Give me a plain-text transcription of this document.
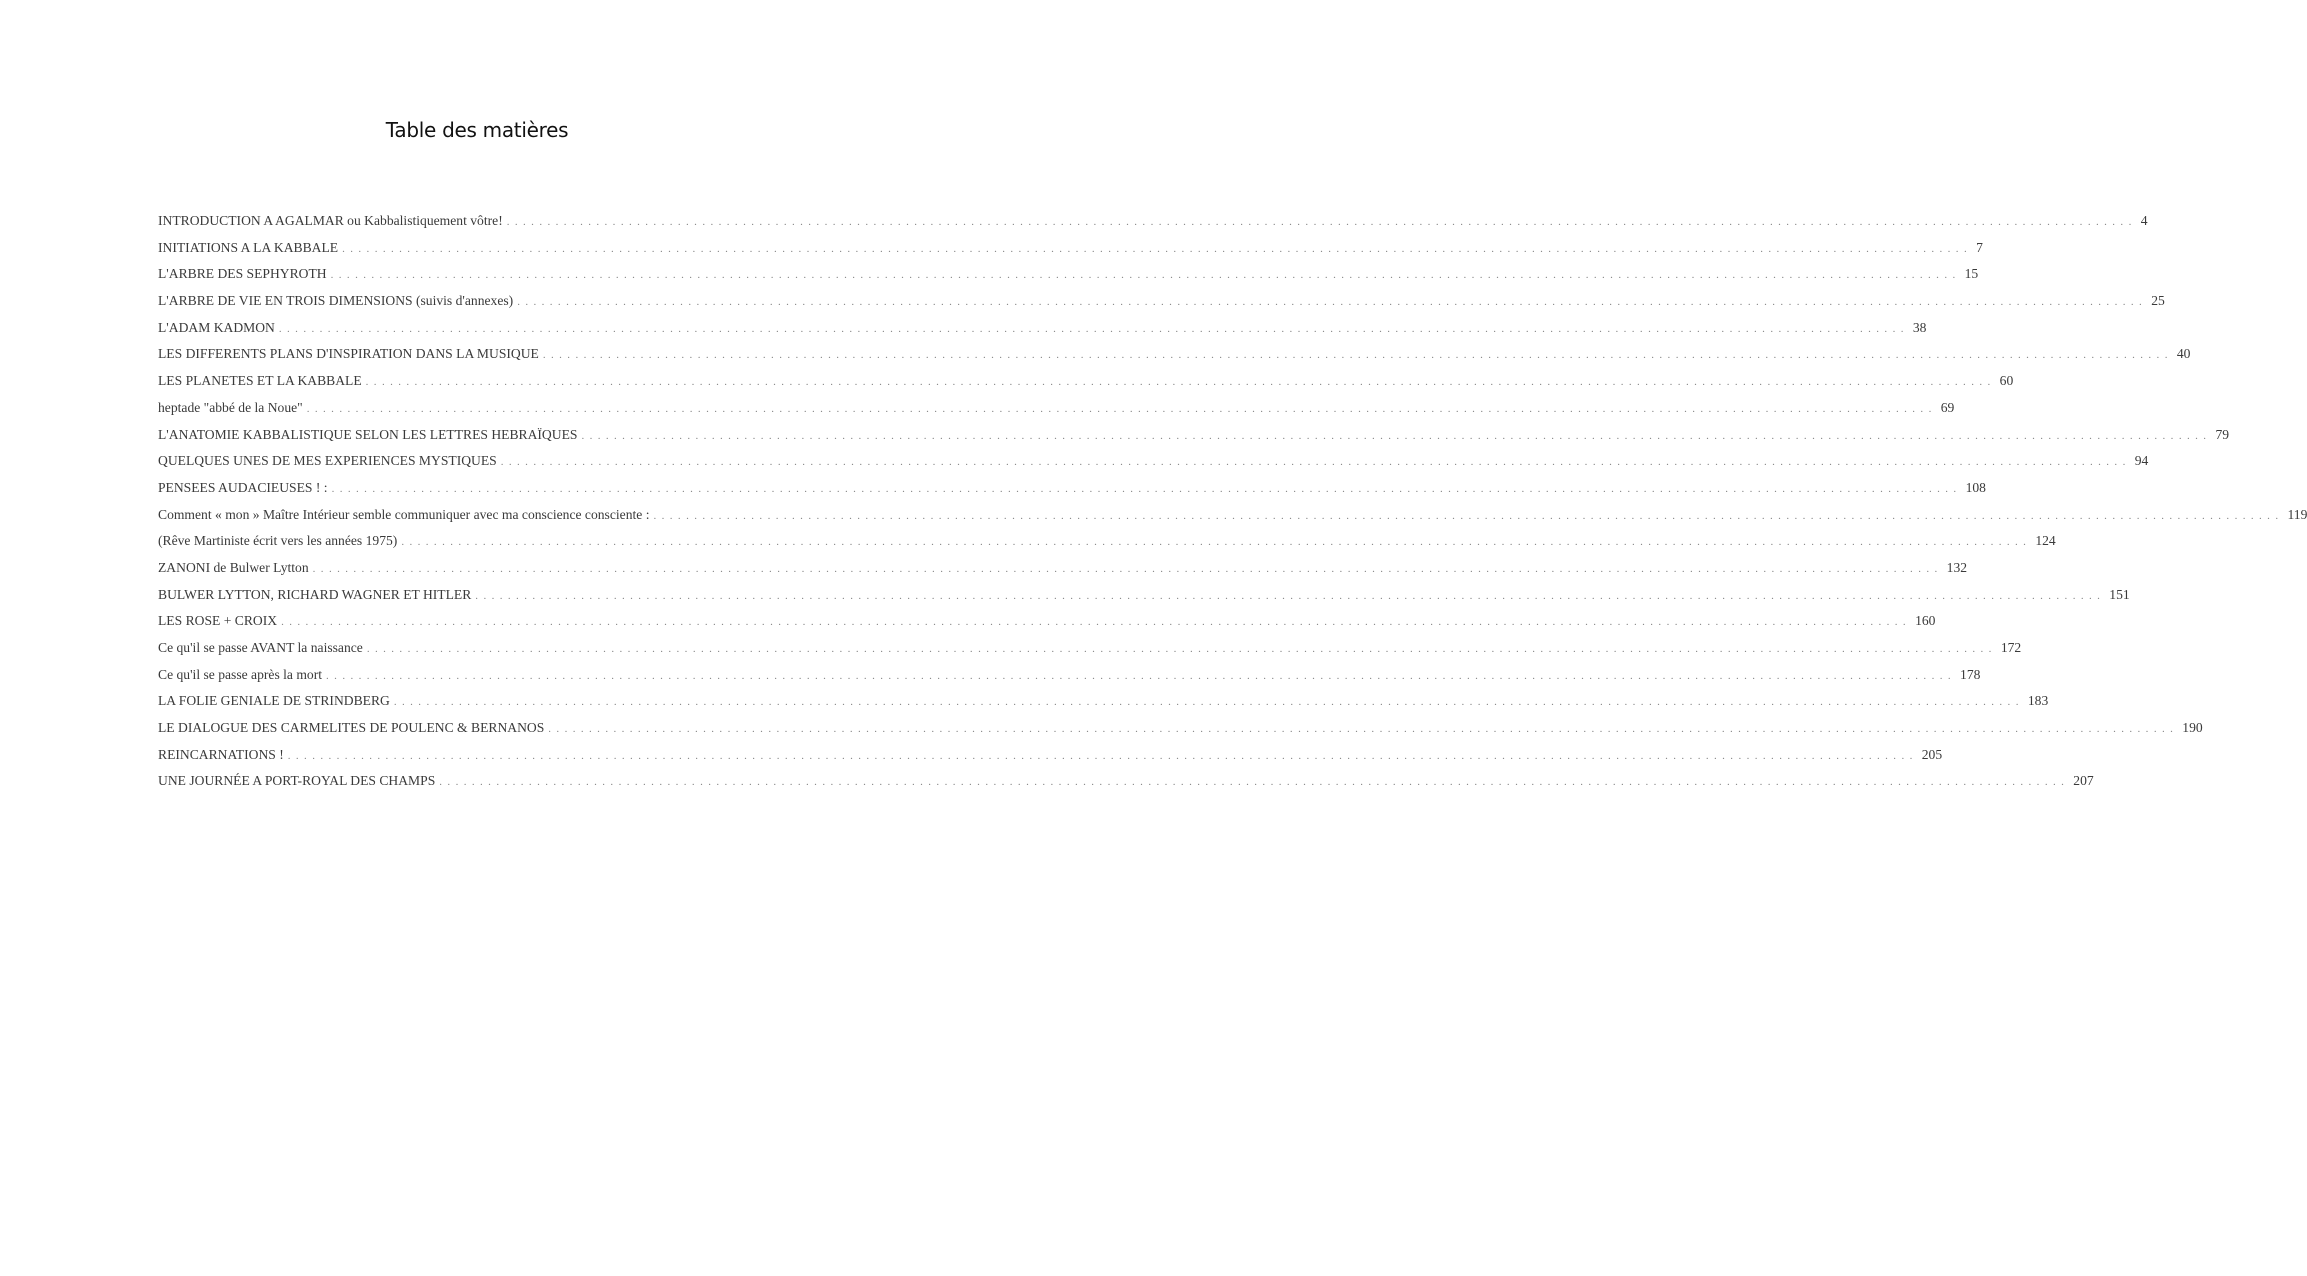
Table des matières
INTRODUCTION A AGALMAR ou Kabbalistiquement vôtre! ........................................................................................................................................................................................................ 4
INITIATIONS A LA KABBALE ........................................................................................................................................................................................................ 7
L'ARBRE DES SEPHYROTH ........................................................................................................................................................................................................ 15
L'ARBRE DE VIE EN TROIS DIMENSIONS (suivis d'annexes) ........................................................................................................................................................................................................ 25
L'ADAM KADMON ........................................................................................................................................................................................................ 38
LES DIFFERENTS PLANS D'INSPIRATION DANS LA MUSIQUE ........................................................................................................................................................................................................ 40
LES PLANETES ET LA KABBALE ........................................................................................................................................................................................................ 60
heptade "abbé de la Noue" ........................................................................................................................................................................................................ 69
L'ANATOMIE KABBALISTIQUE SELON LES LETTRES HEBRAÏQUES ........................................................................................................................................................................................................ 79
QUELQUES UNES DE MES EXPERIENCES MYSTIQUES ........................................................................................................................................................................................................ 94
PENSEES AUDACIEUSES ! : ........................................................................................................................................................................................................ 108
Comment « mon » Maître Intérieur semble communiquer avec ma conscience consciente : ........................................................................................................................................................................................................ 119
(Rêve Martiniste écrit vers les années 1975) ........................................................................................................................................................................................................ 124
ZANONI de Bulwer Lytton ........................................................................................................................................................................................................ 132
BULWER LYTTON, RICHARD WAGNER ET HITLER ........................................................................................................................................................................................................ 151
LES ROSE + CROIX ........................................................................................................................................................................................................ 160
Ce qu'il se passe AVANT la naissance ........................................................................................................................................................................................................ 172
Ce qu'il se passe après la mort ........................................................................................................................................................................................................ 178
LA FOLIE GENIALE DE STRINDBERG ........................................................................................................................................................................................................ 183
LE DIALOGUE DES CARMELITES DE POULENC & BERNANOS ........................................................................................................................................................................................................ 190
REINCARNATIONS ! ........................................................................................................................................................................................................ 205
UNE JOURNÉE A PORT-ROYAL DES CHAMPS ........................................................................................................................................................................................................ 207
